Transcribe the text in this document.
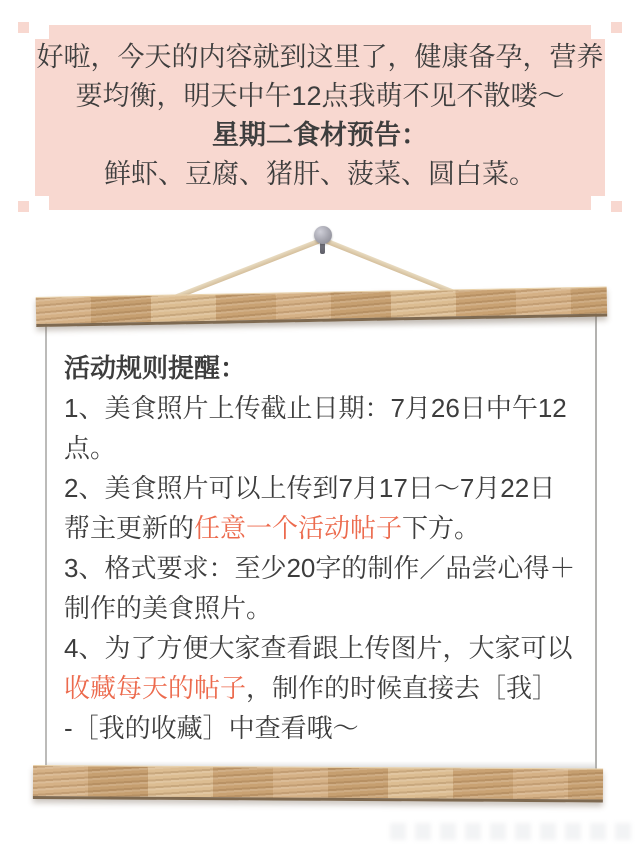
好啦，今天的内容就到这里了，健康备孕，营养
要均衡，明天中午12点我萌不见不散喽～
星期二食材预告：
鲜虾、豆腐、猪肝、菠菜、圆白菜。
活动规则提醒：
1、美食照片上传截止日期：7月26日中午12
点。
2、美食照片可以上传到7月17日～7月22日
帮主更新的任意一个活动帖子下方。
3、格式要求：至少20字的制作／品尝心得＋
制作的美食照片。
4、为了方便大家查看跟上传图片，大家可以
收藏每天的帖子，制作的时候直接去［我］
-［我的收藏］中查看哦～
